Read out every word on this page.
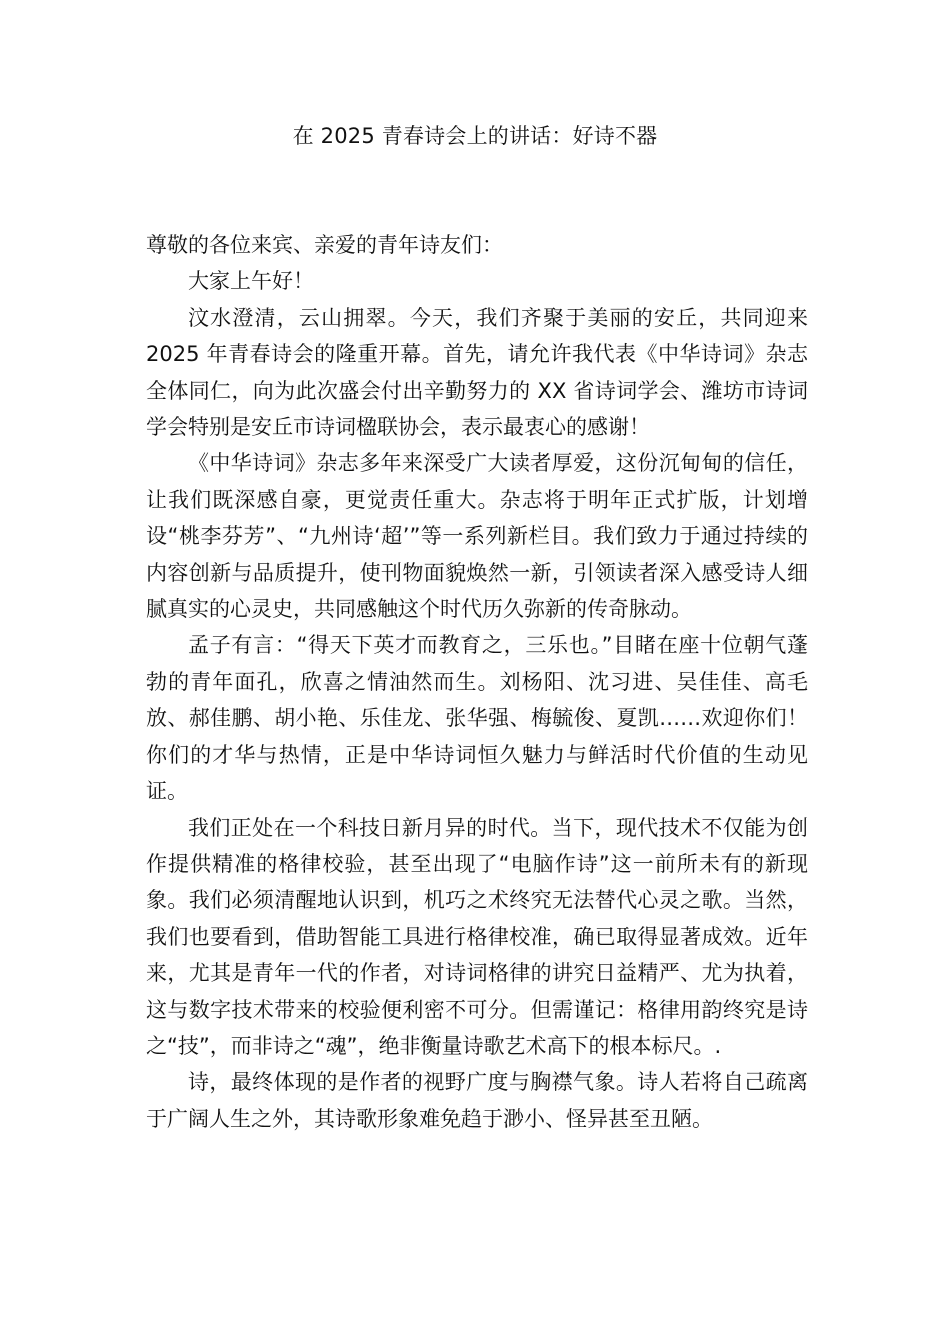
在 2025 青春诗会上的讲话：好诗不器

尊敬的各位来宾、亲爱的青年诗友们：

大家上午好！

汶水澄清，云山拥翠。今天，我们齐聚于美丽的安丘，共同迎来 2025 年青春诗会的隆重开幕。首先，请允许我代表《中华诗词》杂志全体同仁，向为此次盛会付出辛勤努力的 XX 省诗词学会、潍坊市诗词学会特别是安丘市诗词楹联协会，表示最衷心的感谢！

《中华诗词》杂志多年来深受广大读者厚爱，这份沉甸甸的信任，让我们既深感自豪，更觉责任重大。杂志将于明年正式扩版，计划增设“桃李芬芳”、“九州诗‘超’”等一系列新栏目。我们致力于通过持续的内容创新与品质提升，使刊物面貌焕然一新，引领读者深入感受诗人细腻真实的心灵史，共同感触这个时代历久弥新的传奇脉动。

孟子有言：“得天下英才而教育之，三乐也。”目睹在座十位朝气蓬勃的青年面孔，欣喜之情油然而生。刘杨阳、沈习进、吴佳佳、高毛放、郝佳鹏、胡小艳、乐佳龙、张华强、梅毓俊、夏凯……欢迎你们！你们的才华与热情，正是中华诗词恒久魅力与鲜活时代价值的生动见证。

我们正处在一个科技日新月异的时代。当下，现代技术不仅能为创作提供精准的格律校验，甚至出现了“电脑作诗”这一前所未有的新现象。我们必须清醒地认识到，机巧之术终究无法替代心灵之歌。当然，我们也要看到，借助智能工具进行格律校准，确已取得显著成效。近年来，尤其是青年一代的作者，对诗词格律的讲究日益精严、尤为执着，这与数字技术带来的校验便利密不可分。但需谨记：格律用韵终究是诗之“技”，而非诗之“魂”，绝非衡量诗歌艺术高下的根本标尺。.

诗，最终体现的是作者的视野广度与胸襟气象。诗人若将自己疏离于广阔人生之外，其诗歌形象难免趋于渺小、怪异甚至丑陋。
